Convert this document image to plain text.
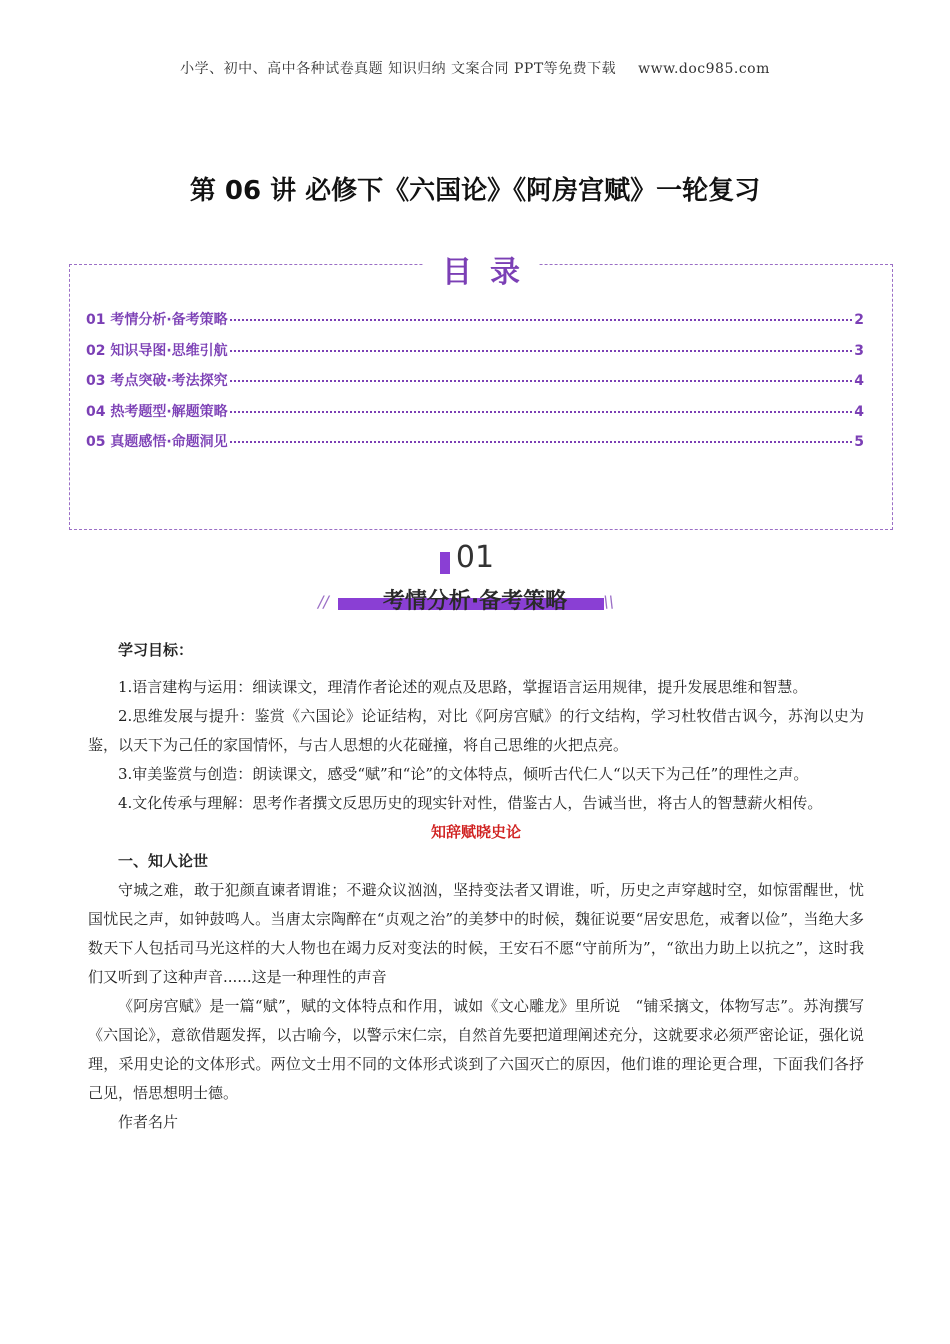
小学、初中、高中各种试卷真题 知识归纳 文案合同 PPT等免费下载 www.doc985.com
第 06 讲 必修下《六国论》《阿房宫赋》一轮复习
目录
01 考情分析·备考策略	2
02 知识导图·思维引航	3
03 考点突破·考法探究	4
04 热考题型·解题策略	4
05 真题感悟·命题洞见	5
01
//	考情分析·备考策略	\\

学习目标：

1.语言建构与运用：细读课文，理清作者论述的观点及思路，掌握语言运用规律，提升发展思维和智慧。

2.思维发展与提升：鉴赏《六国论》论证结构，对比《阿房宫赋》的行文结构，学习杜牧借古讽今，苏洵以史为鉴，以天下为己任的家国情怀，与古人思想的火花碰撞，将自己思维的火把点亮。

3.审美鉴赏与创造：朗读课文，感受“赋”和“论”的文体特点，倾听古代仁人“以天下为己任”的理性之声。

4.文化传承与理解：思考作者撰文反思历史的现实针对性，借鉴古人，告诫当世，将古人的智慧薪火相传。

知辞赋晓史论

一、知人论世

守城之难，敢于犯颜直谏者谓谁；不避众议汹汹，坚持变法者又谓谁，听，历史之声穿越时空，如惊雷醒世，忧国忧民之声，如钟鼓鸣人。当唐太宗陶醉在“贞观之治”的美梦中的时候，魏征说要“居安思危，戒奢以俭”，当绝大多数天下人包括司马光这样的大人物也在竭力反对变法的时候，王安石不愿“守前所为”，“欲出力助上以抗之”，这时我们又听到了这种声音......这是一种理性的声音

《阿房宫赋》是一篇“赋”，赋的文体特点和作用，诚如《文心雕龙》里所说　“铺采摛文，体物写志”。苏洵撰写《六国论》，意欲借题发挥，以古喻今，以警示宋仁宗，自然首先要把道理阐述充分，这就要求必须严密论证，强化说理，采用史论的文体形式。两位文士用不同的文体形式谈到了六国灭亡的原因，他们谁的理论更合理，下面我们各抒己见，悟思想明士德。

作者名片
